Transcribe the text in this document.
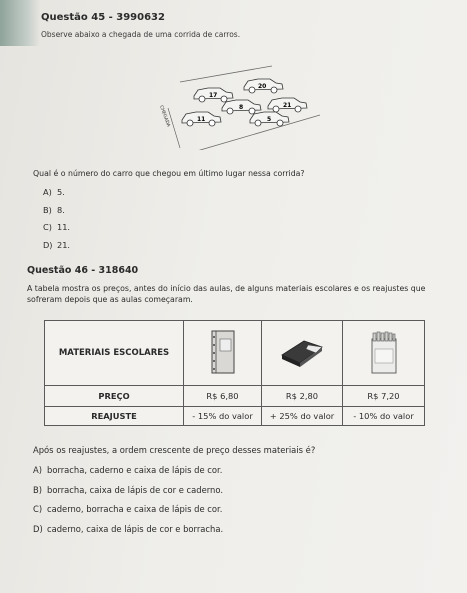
Questão 45 - 3990632
Observe abaixo a chegada de uma corrida de carros.
CHEGADA
17
20
8	21
11	5
Qual é o número do carro que chegou em último lugar nessa corrida?
A) 5.
B) 8.
C) 11.
D) 21.
Questão 46 - 318640
A tabela mostra os preços, antes do início das aulas, de alguns materiais escolares e os reajustes que sofreram depois que as aulas começaram.
MATERIAIS ESCOLARES			
PREÇO	R$ 6,80	R$ 2,80	R$ 7,20
REAJUSTE	- 15% do valor	+ 25% do valor	- 10% do valor
Após os reajustes, a ordem crescente de preço desses materiais é?
A) borracha, caderno e caixa de lápis de cor.
B) borracha, caixa de lápis de cor e caderno.
C) caderno, borracha e caixa de lápis de cor.
D) caderno, caixa de lápis de cor e borracha.
